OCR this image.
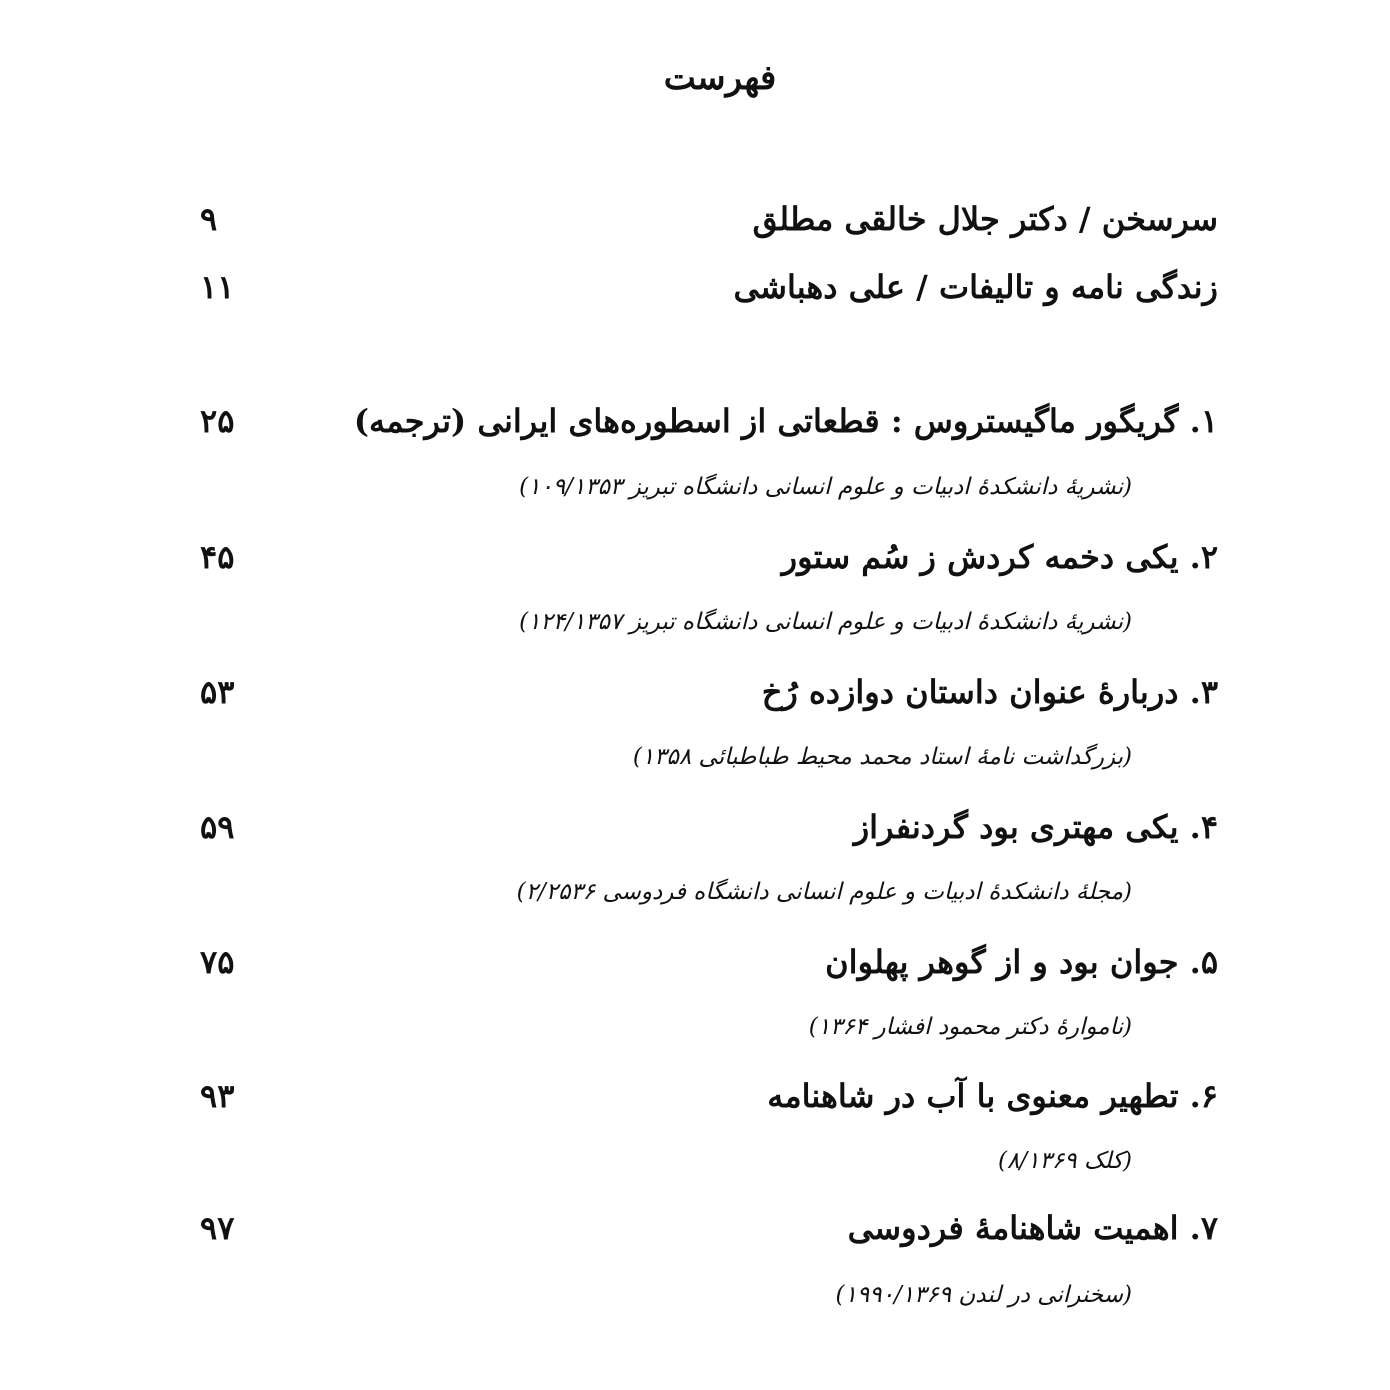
فهرست
سرسخن / دکتر جلال خالقی مطلق
۹
زندگی نامه و تالیفات / علی دهباشی
۱۱
۱. گریگور ماگیستروس : قطعاتی از اسطوره‌های ایرانی (ترجمه)
۲۵
(نشریهٔ دانشکدهٔ ادبیات و علوم انسانی دانشگاه تبریز ۱۰۹/۱۳۵۳)
۲. یکی دخمه کردش ز سُم ستور
۴۵
(نشریهٔ دانشکدهٔ ادبیات و علوم انسانی دانشگاه تبریز ۱۲۴/۱۳۵۷)
۳. دربارهٔ عنوان داستان دوازده رُخ
۵۳
(بزرگداشت نامهٔ استاد محمد محیط طباطبائی ۱۳۵۸)
۴. یکی مهتری بود گردنفراز
۵۹
(مجلهٔ دانشکدهٔ ادبیات و علوم انسانی دانشگاه فردوسی ۲/۲۵۳۶)
۵. جوان بود و از گوهر پهلوان
۷۵
(ناموارهٔ دکتر محمود افشار ۱۳۶۴)
۶. تطهیر معنوی با آب در شاهنامه
۹۳
(کلک ۸/۱۳۶۹)
۷. اهمیت شاهنامهٔ فردوسی
۹۷
(سخنرانی در لندن ۱۹۹۰/۱۳۶۹)
